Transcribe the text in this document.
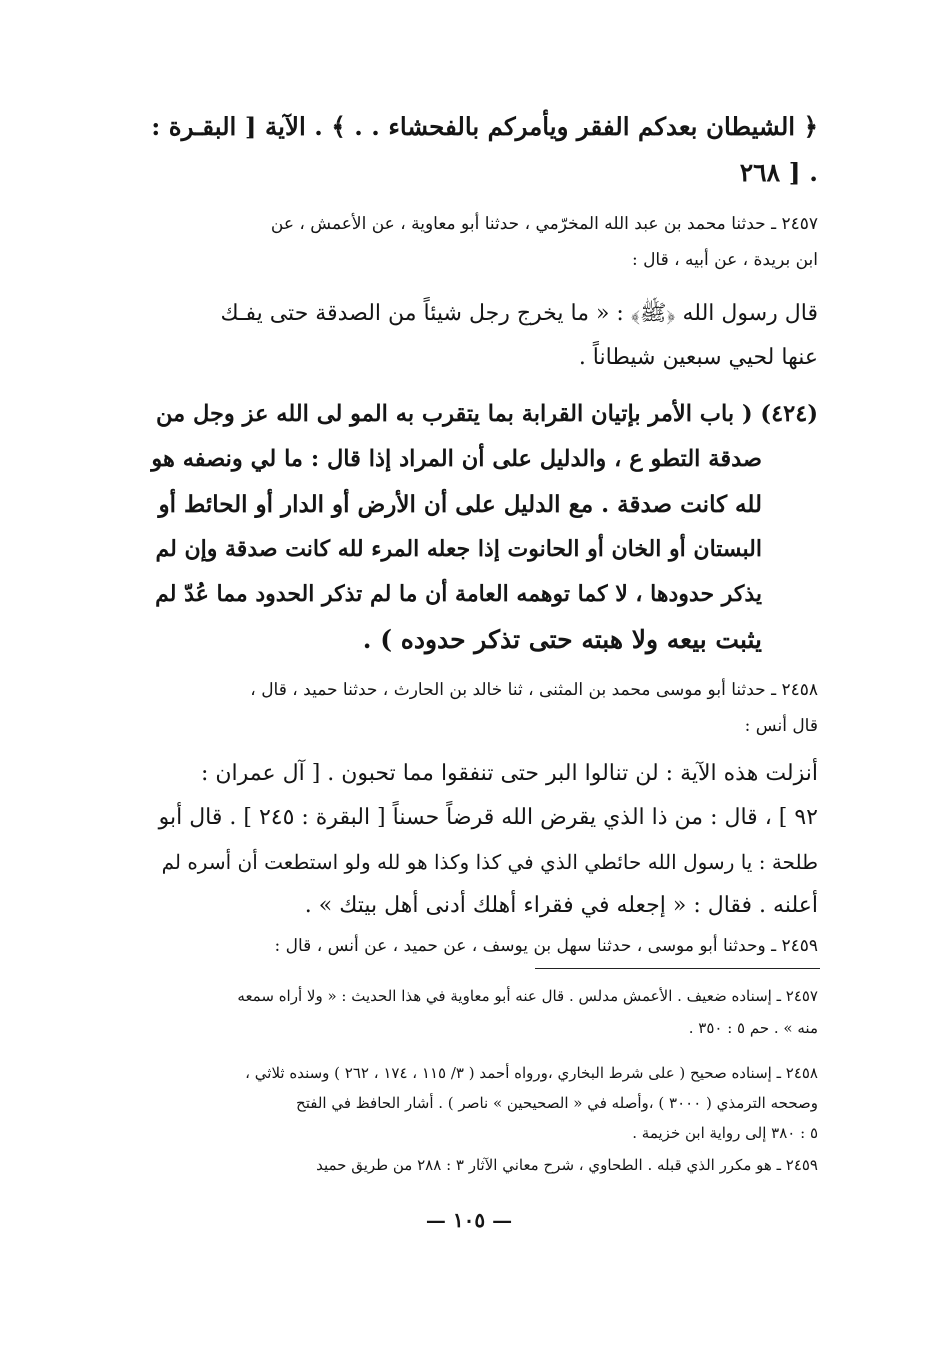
﴿ الشيطان بعدكم الفقر ويأمركم بالفحشاء . . ﴾ . الآية [ البقـرة :
. [ ٢٦٨
٢٤٥٧ ـ حدثنا محمد بن عبد الله المخرّمي ، حدثنا أبو معاوية ، عن الأعمش ، عن
ابن بريدة ، عن أبيه ، قال :
قال رسول الله ﴿ﷺ﴾ : « ما يخرج رجل شيئاً من الصدقة حتى يفـك
عنها لحيي سبعين شيطاناً .
(٤٢٤) ( باب الأمر بإتيان القرابة بما يتقرب به المو لى الله عز وجل من
صدقة التطو ع ، والدليل على أن المراد إذا قال : ما لي ونصفه هو
لله كانت صدقة . مع الدليل على أن الأرض أو الدار أو الحائط أو
البستان أو الخان أو الحانوت إذا جعله المرء لله كانت صدقة وإن لم
يذكر حدودها ، لا كما توهمه العامة أن ما لم تذكر الحدود مما عُدّ لم
يثبت بيعه ولا هبته حتى تذكر حدوده ) .
٢٤٥٨ ـ حدثنا أبو موسى محمد بن المثنى ، ثنا خالد بن الحارث ، حدثنا حميد ، قال ،
قال أنس :
أنزلت هذه الآية : لن تنالوا البر حتى تنفقوا مما تحبون . [ آل عمران :
٩٢ ] ، قال : من ذا الذي يقرض الله قرضاً حسناً [ البقرة : ٢٤٥ ] . قال أبو
طلحة : يا رسول الله حائطي الذي في كذا وكذا هو لله ولو استطعت أن أسره لم
أعلنه . فقال : « إجعله في فقراء أهلك أدنى أهل بيتك » .
٢٤٥٩ ـ وحدثنا أبو موسى ، حدثنا سهل بن يوسف ، عن حميد ، عن أنس ، قال :
٢٤٥٧ ـ إسناده ضعيف . الأعمش مدلس . قال عنه أبو معاوية في هذا الحديث : « ولا أراه سمعه
منه » . حم ٥ : ٣٥٠ .
٢٤٥٨ ـ إسناده صحيح ( على شرط البخاري ،ورواه أحمد ( ٣/ ١١٥ ، ١٧٤ ، ٢٦٢ ) وسنده ثلاثي ،
وصححه الترمذي ( ٣٠٠٠ ) ،وأصله في « الصحيحين » ناصر ) . أشار الحافظ في الفتح
٥ : ٣٨٠ إلى رواية ابن خزيمة .
٢٤٥٩ ـ هو مكرر الذي قبله . الطحاوي ، شرح معاني الآثار ٣ : ٢٨٨ من طريق حميد
— ١٠٥ —
